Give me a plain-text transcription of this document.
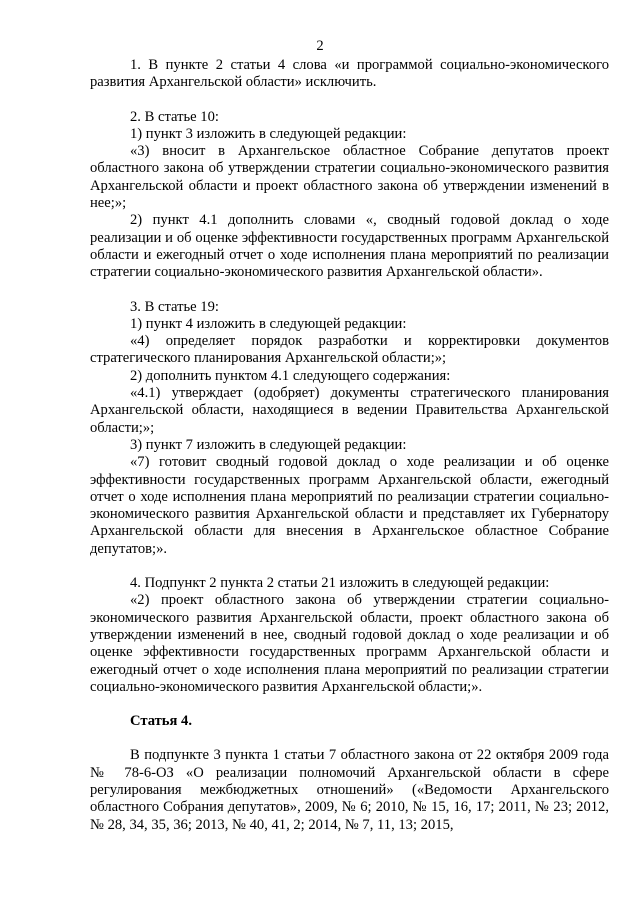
2

1. В пункте 2 статьи 4 слова «и программой социально-экономического развития Архангельской области» исключить.

2. В статье 10:

1) пункт 3 изложить в следующей редакции:

«3) вносит в Архангельское областное Собрание депутатов проект областного закона об утверждении стратегии социально-экономического развития Архангельской области и проект областного закона об утверждении изменений в нее;»;

2) пункт 4.1 дополнить словами «, сводный годовой доклад о ходе реализации и об оценке эффективности государственных программ Архангельской области и ежегодный отчет о ходе исполнения плана мероприятий по реализации стратегии социально-экономического развития Архангельской области».

3. В статье 19:

1) пункт 4 изложить в следующей редакции:

«4) определяет порядок разработки и корректировки документов стратегического планирования Архангельской области;»;

2) дополнить пунктом 4.1 следующего содержания:

«4.1) утверждает (одобряет) документы стратегического планирования Архангельской области, находящиеся в ведении Правительства Архангельской области;»;

3) пункт 7 изложить в следующей редакции:

«7) готовит сводный годовой доклад о ходе реализации и об оценке эффективности государственных программ Архангельской области, ежегодный отчет о ходе исполнения плана мероприятий по реализации стратегии социально-экономического развития Архангельской области и представляет их Губернатору Архангельской области для внесения в Архангельское областное Собрание депутатов;».

4. Подпункт 2 пункта 2 статьи 21 изложить в следующей редакции:

«2) проект областного закона об утверждении стратегии социально-экономического развития Архангельской области, проект областного закона об утверждении изменений в нее, сводный годовой доклад о ходе реализации и об оценке эффективности государственных программ Архангельской области и ежегодный отчет о ходе исполнения плана мероприятий по реализации стратегии социально-экономического развития Архангельской области;».

Статья 4.

В подпункте 3 пункта 1 статьи 7 областного закона от 22 октября 2009 года № 78-6-ОЗ «О реализации полномочий Архангельской области в сфере регулирования межбюджетных отношений» («Ведомости Архангельского областного Собрания депутатов», 2009, № 6; 2010, № 15, 16, 17; 2011, № 23; 2012, № 28, 34, 35, 36; 2013, № 40, 41, 2; 2014, № 7, 11, 13; 2015,
